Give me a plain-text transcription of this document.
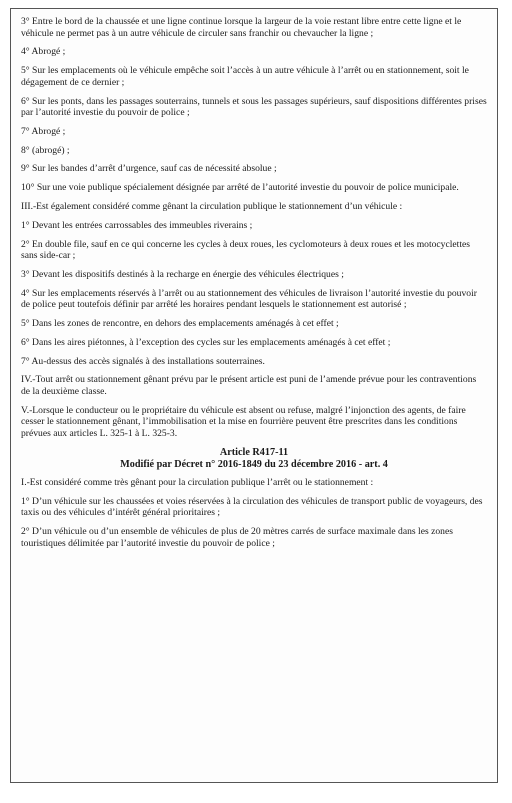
3° Entre le bord de la chaussée et une ligne continue lorsque la largeur de la voie restant libre entre cette ligne et le véhicule ne permet pas à un autre véhicule de circuler sans franchir ou chevaucher la ligne ;

4° Abrogé ;

5° Sur les emplacements où le véhicule empêche soit l’accès à un autre véhicule à l’arrêt ou en stationnement, soit le dégagement de ce dernier ;

6° Sur les ponts, dans les passages souterrains, tunnels et sous les passages supérieurs, sauf dispositions différentes prises par l’autorité investie du pouvoir de police ;

7° Abrogé ;

8° (abrogé) ;

9° Sur les bandes d’arrêt d’urgence, sauf cas de nécessité absolue ;

10° Sur une voie publique spécialement désignée par arrêté de l’autorité investie du pouvoir de police municipale.

III.-Est également considéré comme gênant la circulation publique le stationnement d’un véhicule :

1° Devant les entrées carrossables des immeubles riverains ;

2° En double file, sauf en ce qui concerne les cycles à deux roues, les cyclomoteurs à deux roues et les motocyclettes sans side-car ;

3° Devant les dispositifs destinés à la recharge en énergie des véhicules électriques ;

4° Sur les emplacements réservés à l’arrêt ou au stationnement des véhicules de livraison l’autorité investie du pouvoir de police peut toutefois définir par arrêté les horaires pendant lesquels le stationnement est autorisé ;

5° Dans les zones de rencontre, en dehors des emplacements aménagés à cet effet ;

6° Dans les aires piétonnes, à l’exception des cycles sur les emplacements aménagés à cet effet ;

7° Au-dessus des accès signalés à des installations souterraines.

IV.-Tout arrêt ou stationnement gênant prévu par le présent article est puni de l’amende prévue pour les contraventions de la deuxième classe.

V.-Lorsque le conducteur ou le propriétaire du véhicule est absent ou refuse, malgré l’injonction des agents, de faire cesser le stationnement gênant, l’immobilisation et la mise en fourrière peuvent être prescrites dans les conditions prévues aux articles L. 325-1 à L. 325-3.

Article R417-11

Modifié par Décret n° 2016-1849 du 23 décembre 2016 - art. 4

I.-Est considéré comme très gênant pour la circulation publique l’arrêt ou le stationnement :

1° D’un véhicule sur les chaussées et voies réservées à la circulation des véhicules de transport public de voyageurs, des taxis ou des véhicules d’intérêt général prioritaires ;

2° D’un véhicule ou d’un ensemble de véhicules de plus de 20 mètres carrés de surface maximale dans les zones touristiques délimitée par l’autorité investie du pouvoir de police ;
